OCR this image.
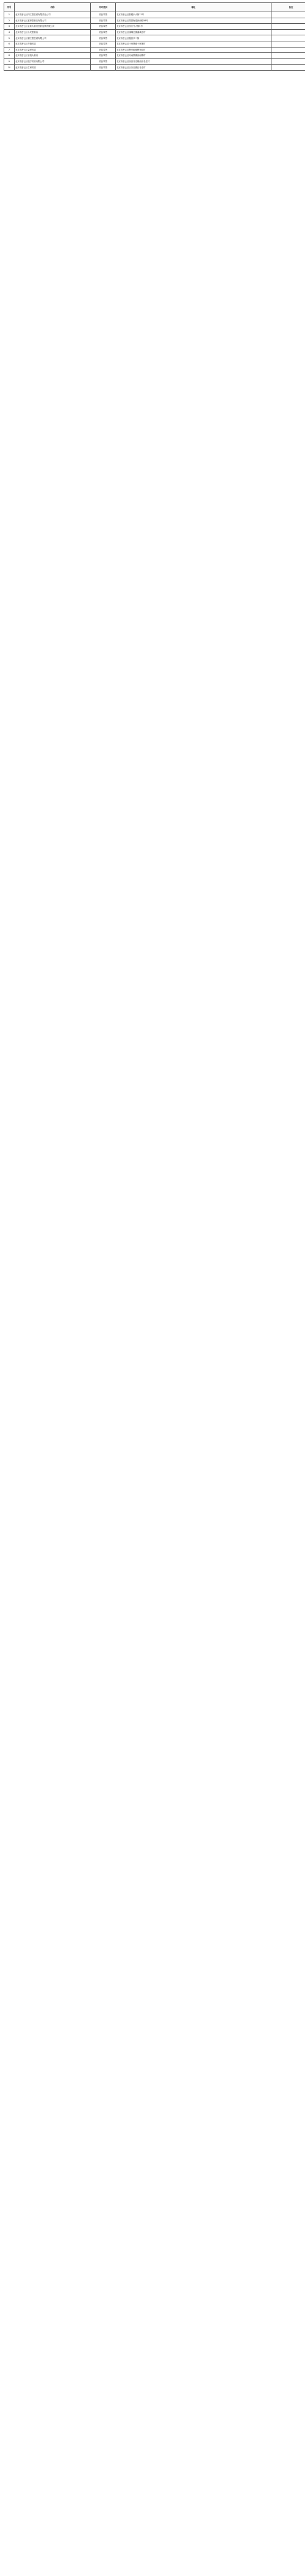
序号	名称	许可类别	地址	备注
1	北京市密云区同仁堂医药有限责任公司	药品零售	北京市密云区鼓楼东大街12号	
2	北京市密云区嘉事堂药店有限公司	药品零售	北京市密云区果园街道新西路58号	
3	北京市密云区金象大药房医药连锁有限公司	药品零售	北京市密云区西门外大街5号	
4	北京市密云区永安堂药店	药品零售	北京市密云区溪翁庄镇溪翁庄村	
5	北京市密云区德仁堂医药有限公司	药品零售	北京市密云区檀营乡二街	
6	北京市密云区华康药店	药品零售	北京市密云区十里堡镇十里堡村	
7	北京市密云区益民药店	药品零售	北京市密云区穆家峪镇穆家峪村	
8	北京市密云区百姓大药房	药品零售	北京市密云区河南寨镇河南寨村	
9	北京市密云区康宁药店有限公司	药品零售	北京市密云区西田各庄镇西田各庄村	
10	北京市密云区仁和药店	药品零售	北京市密云区巨各庄镇巨各庄村	
